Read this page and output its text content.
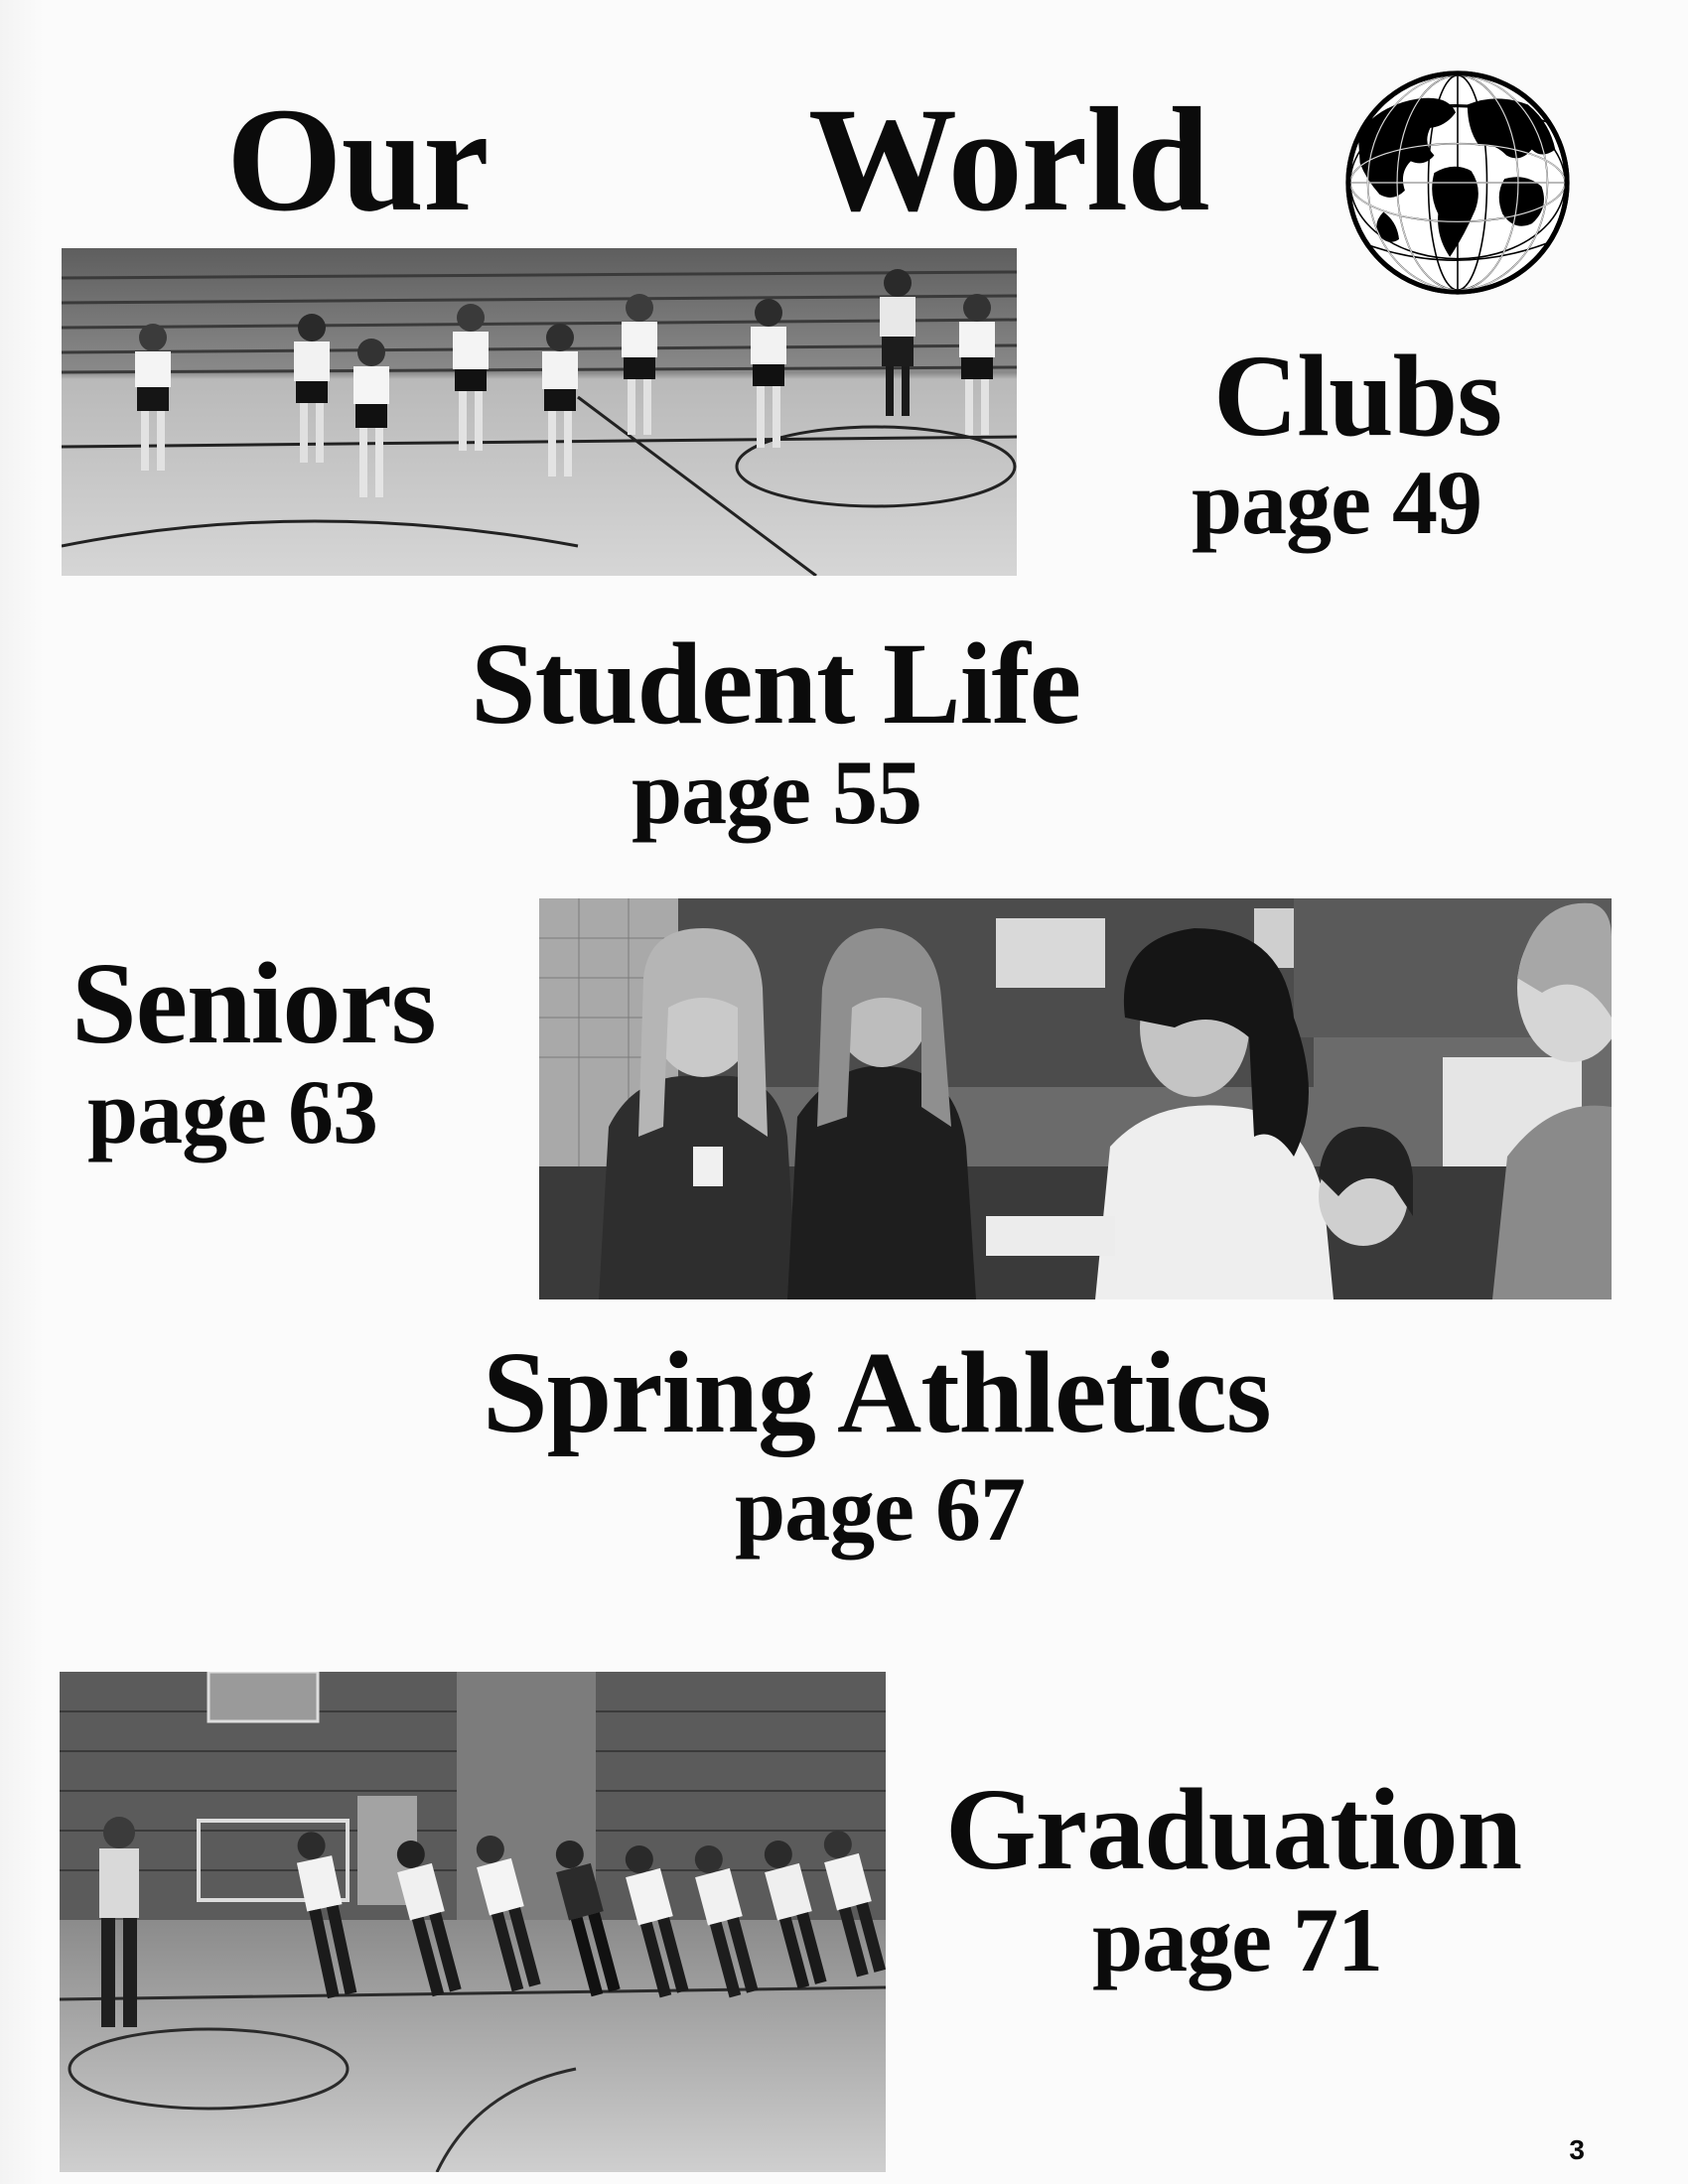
Our World
Clubs
page 49
Student Life
page 55
Seniors
page 63
Spring Athletics
page 67
Graduation
page 71
3
